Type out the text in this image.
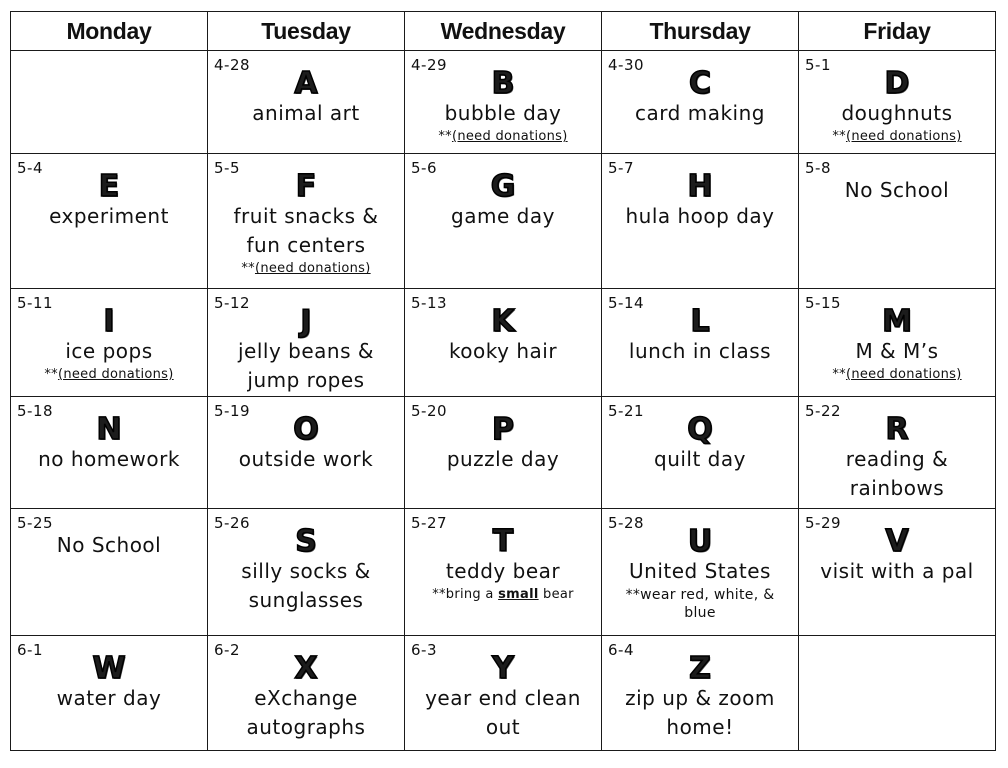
Monday	Tuesday	Wednesday	Thursday	Friday

	4-28
A
animal art	4-29
B
bubble day
**(need donations)	4-30
C
card making	5-1
D
doughnuts
**(need donations)

5-4
E
experiment	5-5
F
fruit snacks & fun centers
**(need donations)	5-6
G
game day	5-7
H
hula hoop day	5-8
No School

5-11
I
ice pops
**(need donations)	5-12
J
jelly beans & jump ropes	5-13
K
kooky hair	5-14
L
lunch in class	5-15
M
M & M’s
**(need donations)

5-18
N
no homework	5-19
O
outside work	5-20
P
puzzle day	5-21
Q
quilt day	5-22
R
reading & rainbows

5-25
No School	5-26
S
silly socks & sunglasses	5-27
T
teddy bear
**bring a small bear	5-28
U
United States
**wear red, white, & blue	5-29
V
visit with a pal

6-1
W
water day	6-2
X
eXchange autographs	6-3
Y
year end clean out	6-4
Z
zip up & zoom home!	
